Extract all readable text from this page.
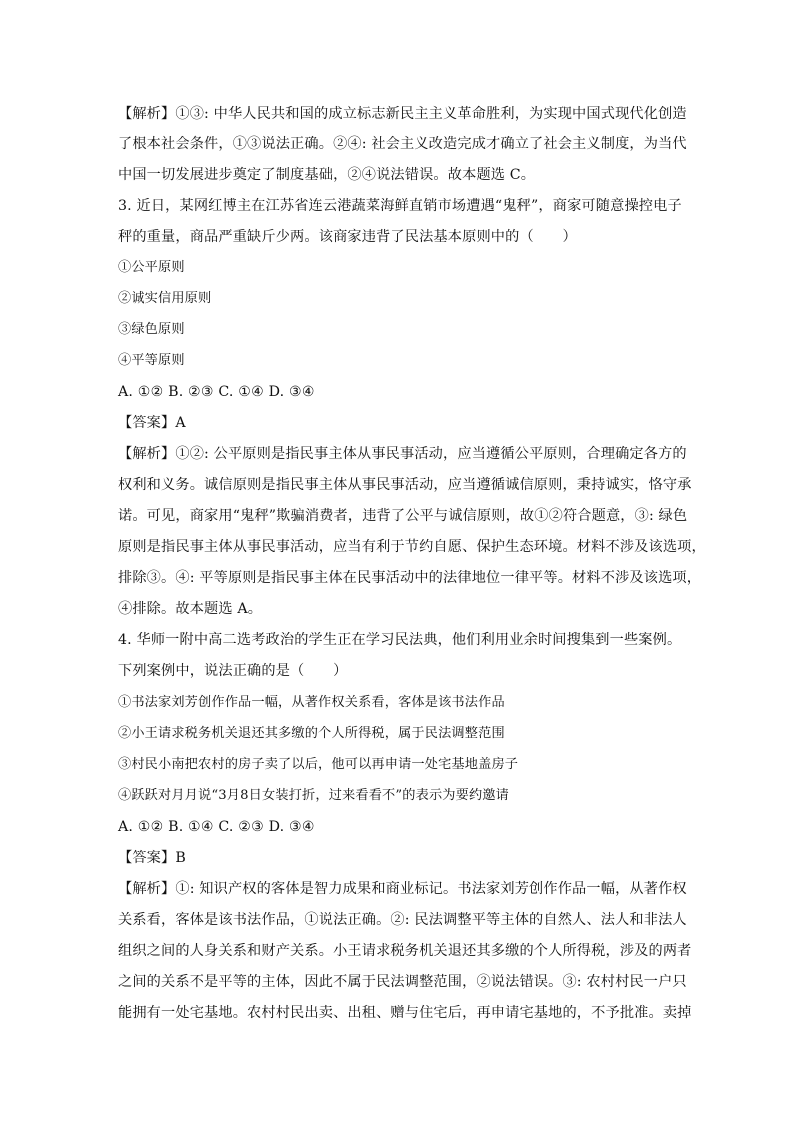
【解析】①③: 中华人民共和国的成立标志新民主主义革命胜利，为实现中国式现代化创造
了根本社会条件，①③说法正确。②④: 社会主义改造完成才确立了社会主义制度，为当代
中国一切发展进步奠定了制度基础，②④说法错误。故本题选 C。
3. 近日，某网红博主在江苏省连云港蔬菜海鲜直销市场遭遇“鬼秤”，商家可随意操控电子
秤的重量，商品严重缺斤少两。该商家违背了民法基本原则中的（　　）
①公平原则
②诚实信用原则
③绿色原则
④平等原则
A. ①② B. ②③ C. ①④ D. ③④
【答案】A
【解析】①②: 公平原则是指民事主体从事民事活动，应当遵循公平原则，合理确定各方的
权利和义务。诚信原则是指民事主体从事民事活动，应当遵循诚信原则，秉持诚实，恪守承
诺。可见，商家用“鬼秤”欺骗消费者，违背了公平与诚信原则，故①②符合题意，③: 绿色
原则是指民事主体从事民事活动，应当有利于节约自愿、保护生态环境。材料不涉及该选项，
排除③。④: 平等原则是指民事主体在民事活动中的法律地位一律平等。材料不涉及该选项，
④排除。故本题选 A。
4. 华师一附中高二选考政治的学生正在学习民法典，他们利用业余时间搜集到一些案例。
下列案例中，说法正确的是（　　）
①书法家刘芳创作作品一幅，从著作权关系看，客体是该书法作品
②小王请求税务机关退还其多缴的个人所得税，属于民法调整范围
③村民小南把农村的房子卖了以后，他可以再申请一处宅基地盖房子
④跃跃对月月说“3月8日女装打折，过来看看不”的表示为要约邀请
A. ①② B. ①④ C. ②③ D. ③④
【答案】B
【解析】①: 知识产权的客体是智力成果和商业标记。书法家刘芳创作作品一幅，从著作权
关系看，客体是该书法作品，①说法正确。②: 民法调整平等主体的自然人、法人和非法人
组织之间的人身关系和财产关系。小王请求税务机关退还其多缴的个人所得税，涉及的两者
之间的关系不是平等的主体，因此不属于民法调整范围，②说法错误。③: 农村村民一户只
能拥有一处宅基地。农村村民出卖、出租、赠与住宅后，再申请宅基地的，不予批准。卖掉
